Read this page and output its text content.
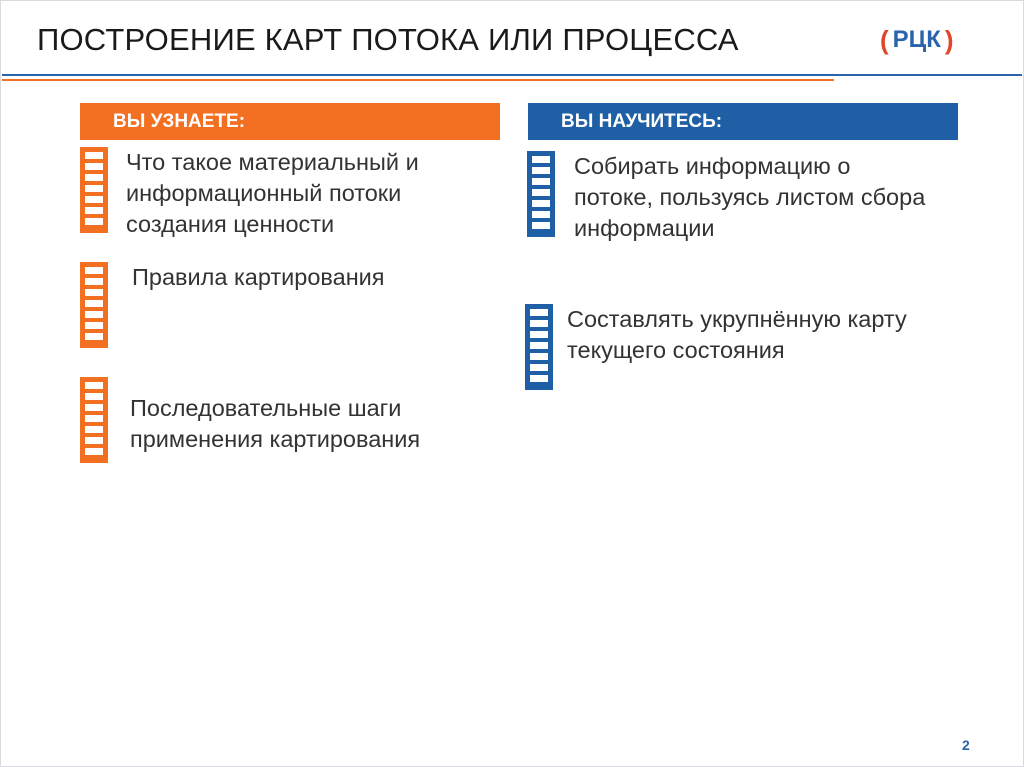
ПОСТРОЕНИЕ КАРТ ПОТОКА ИЛИ ПРОЦЕССА	( РЦК )
ВЫ УЗНАЕТЕ:	ВЫ НАУЧИТЕСЬ:
Что такое материальный и
информационный потоки
создания ценности
Правила картирования
Последовательные шаги
применения картирования
Собирать информацию о
потоке, пользуясь листом сбора
информации
Составлять укрупнённую карту
текущего состояния
2
